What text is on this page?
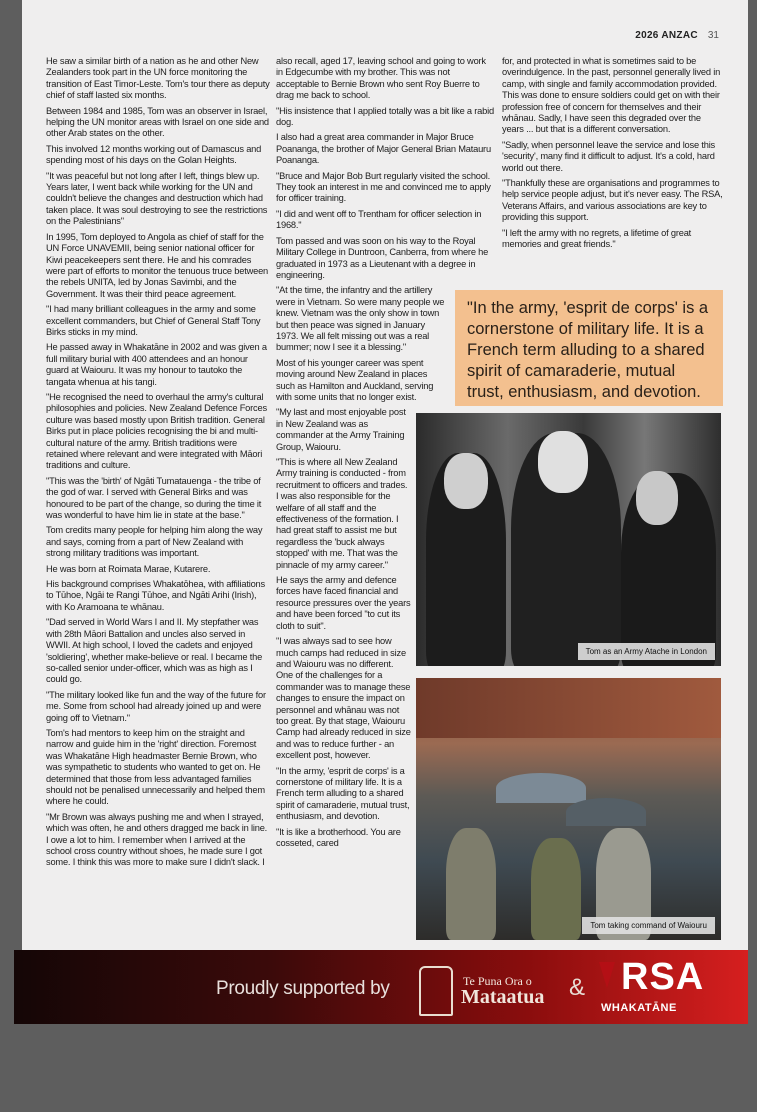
2026 ANZAC 31

He saw a similar birth of a nation as he and other New Zealanders took part in the UN force monitoring the transition of East Timor-Leste. Tom's tour there as deputy chief of staff lasted six months.

Between 1984 and 1985, Tom was an observer in Israel, helping the UN monitor areas with Israel on one side and other Arab states on the other.

This involved 12 months working out of Damascus and spending most of his days on the Golan Heights.

"It was peaceful but not long after I left, things blew up. Years later, I went back while working for the UN and couldn't believe the changes and destruction which had taken place. It was soul destroying to see the restrictions on the Palestinians"

In 1995, Tom deployed to Angola as chief of staff for the UN Force UNAVEMII, being senior national officer for Kiwi peacekeepers sent there. He and his comrades were part of efforts to monitor the tenuous truce between the rebels UNITA, led by Jonas Savimbi, and the Government. It was their third peace agreement.

"I had many brilliant colleagues in the army and some excellent commanders, but Chief of General Staff Tony Birks sticks in my mind.

He passed away in Whakatāne in 2002 and was given a full military burial with 400 attendees and an honour guard at Waiouru. It was my honour to tautoko the tangata whenua at his tangi.

"He recognised the need to overhaul the army's cultural philosophies and policies. New Zealand Defence Forces culture was based mostly upon British tradition. General Birks put in place policies recognising the bi and multi-cultural nature of the army. British traditions were retained where relevant and were integrated with Māori traditions and culture.

"This was the 'birth' of Ngāti Tumatauenga - the tribe of the god of war. I served with General Birks and was honoured to be part of the change, so during the time it was wonderful to have him lie in state at the base."

Tom credits many people for helping him along the way and says, coming from a part of New Zealand with strong military traditions was important.

He was born at Roimata Marae, Kutarere.

His background comprises Whakatōhea, with affiliations to Tūhoe, Ngāi te Rangi Tūhoe, and Ngāti Arihi (Irish), with Ko Aramoana te whānau.

"Dad served in World Wars I and II. My stepfather was with 28th Māori Battalion and uncles also served in WWII. At high school, I loved the cadets and enjoyed 'soldiering', whether make-believe or real. I became the so-called senior under-officer, which was as high as I could go.

"The military looked like fun and the way of the future for me. Some from school had already joined up and were going off to Vietnam."

Tom's had mentors to keep him on the straight and narrow and guide him in the 'right' direction. Foremost was Whakatāne High headmaster Bernie Brown, who was sympathetic to students who wanted to get on. He determined that those from less advantaged families should not be penalised unnecessarily and helped them where he could.

"Mr Brown was always pushing me and when I strayed, which was often, he and others dragged me back in line. I owe a lot to him. I remember when I arrived at the school cross country without shoes, he made sure I got some. I think this was more to make sure I didn't slack. I

also recall, aged 17, leaving school and going to work in Edgecumbe with my brother. This was not acceptable to Bernie Brown who sent Roy Buerre to drag me back to school.

"His insistence that I applied totally was a bit like a rabid dog.

I also had a great area commander in Major Bruce Poananga, the brother of Major General Brian Matauru Poananga.

"Bruce and Major Bob Burt regularly visited the school. They took an interest in me and convinced me to apply for officer training.

"I did and went off to Trentham for officer selection in 1968."

Tom passed and was soon on his way to the Royal Military College in Duntroon, Canberra, from where he graduated in 1973 as a Lieutenant with a degree in engineering.

"At the time, the infantry and the artillery were in Vietnam. So were many people we knew. Vietnam was the only show in town but then peace was signed in January 1973. We all felt missing out was a real bummer; now I see it a blessing."

Most of his younger career was spent moving around New Zealand in places such as Hamilton and Auckland, serving with some units that no longer exist.

"My last and most enjoyable post in New Zealand was as commander at the Army Training Group, Waiouru.

"This is where all New Zealand Army training is conducted - from recruitment to officers and trades. I was also responsible for the welfare of all staff and the effectiveness of the formation. I had great staff to assist me but regardless the 'buck always stopped' with me. That was the pinnacle of my army career."

He says the army and defence forces have faced financial and resource pressures over the years and have been forced "to cut its cloth to suit".

"I was always sad to see how much camps had reduced in size and Waiouru was no different. One of the challenges for a commander was to manage these changes to ensure the impact on personnel and whānau was not too great. By that stage, Waiouru Camp had already reduced in size and was to reduce further - an excellent post, however.

"In the army, 'esprit de corps' is a cornerstone of military life. It is a French term alluding to a shared spirit of camaraderie, mutual trust, enthusiasm, and devotion.

"It is like a brotherhood. You are cosseted, cared

for, and protected in what is sometimes said to be overindulgence. In the past, personnel generally lived in camp, with single and family accommodation provided. This was done to ensure soldiers could get on with their profession free of concern for themselves and their whānau. Sadly, I have seen this degraded over the years ... but that is a different conversation.

"Sadly, when personnel leave the service and lose this 'security', many find it difficult to adjust. It's a cold, hard world out there.

"Thankfully these are organisations and programmes to help service people adjust, but it's never easy. The RSA, Veterans Affairs, and various associations are key to providing this support.

"I left the army with no regrets, a lifetime of great memories and great friends."

"In the army, 'esprit de corps' is a cornerstone of military life. It is a French term alluding to a shared spirit of camaraderie, mutual trust, enthusiasm, and devotion.
Tom as an Army Atache in London
Tom taking command of Waiouru
Proudly supported by	Te Puna Ora o
Mataatua & RSA
WHAKATĀNE
